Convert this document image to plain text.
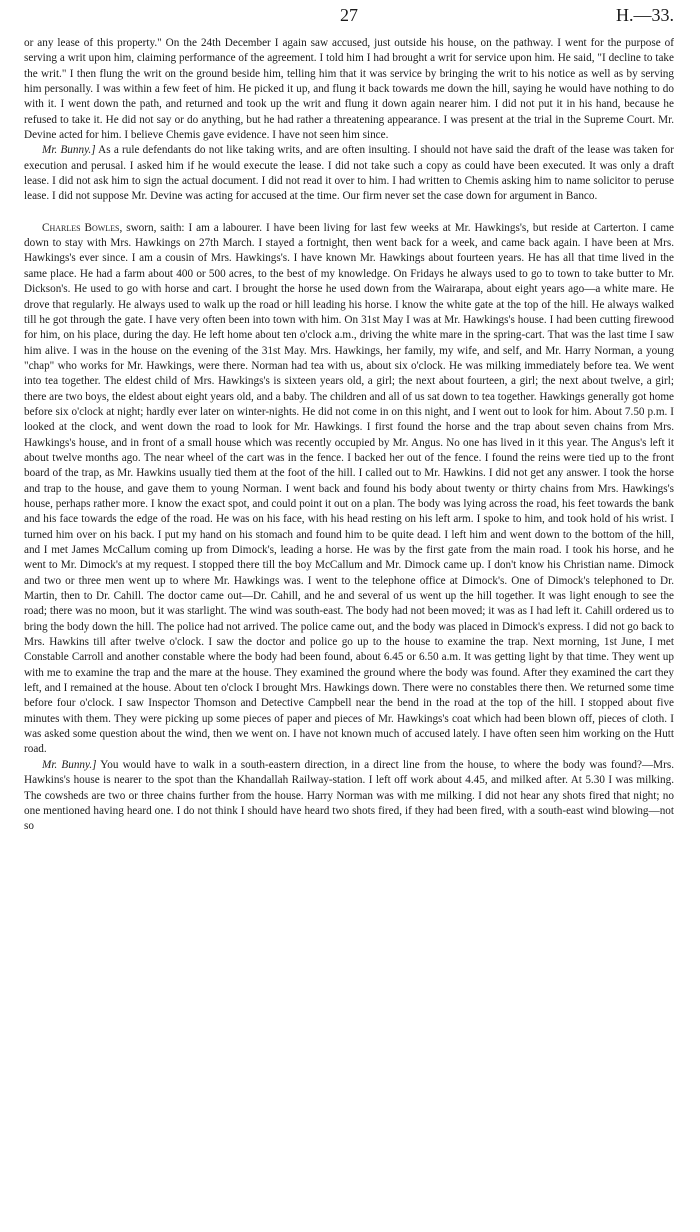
27	H.—33.

or any lease of this property." On the 24th December I again saw accused, just outside his house, on the pathway. I went for the purpose of serving a writ upon him, claiming performance of the agreement. I told him I had brought a writ for service upon him. He said, "I decline to take the writ." I then flung the writ on the ground beside him, telling him that it was service by bringing the writ to his notice as well as by serving him personally. I was within a few feet of him. He picked it up, and flung it back towards me down the hill, saying he would have nothing to do with it. I went down the path, and returned and took up the writ and flung it down again nearer him. I did not put it in his hand, because he refused to take it. He did not say or do anything, but he had rather a threatening appearance. I was present at the trial in the Supreme Court. Mr. Devine acted for him. I believe Chemis gave evidence. I have not seen him since.

Mr. Bunny.] As a rule defendants do not like taking writs, and are often insulting. I should not have said the draft of the lease was taken for execution and perusal. I asked him if he would execute the lease. I did not take such a copy as could have been executed. It was only a draft lease. I did not ask him to sign the actual document. I did not read it over to him. I had written to Chemis asking him to name solicitor to peruse lease. I did not suppose Mr. Devine was acting for accused at the time. Our firm never set the case down for argument in Banco.

Charles Bowles, sworn, saith: I am a labourer. I have been living for last few weeks at Mr. Hawkings's, but reside at Carterton. I came down to stay with Mrs. Hawkings on 27th March. I stayed a fortnight, then went back for a week, and came back again. I have been at Mrs. Hawkings's ever since. I am a cousin of Mrs. Hawkings's. I have known Mr. Hawkings about fourteen years. He has all that time lived in the same place. He had a farm about 400 or 500 acres, to the best of my knowledge. On Fridays he always used to go to town to take butter to Mr. Dickson's. He used to go with horse and cart. I brought the horse he used down from the Wairarapa, about eight years ago—a white mare. He drove that regularly. He always used to walk up the road or hill leading his horse. I know the white gate at the top of the hill. He always walked till he got through the gate. I have very often been into town with him. On 31st May I was at Mr. Hawkings's house. I had been cutting firewood for him, on his place, during the day. He left home about ten o'clock a.m., driving the white mare in the spring-cart. That was the last time I saw him alive. I was in the house on the evening of the 31st May. Mrs. Hawkings, her family, my wife, and self, and Mr. Harry Norman, a young "chap" who works for Mr. Hawkings, were there. Norman had tea with us, about six o'clock. He was milking immediately before tea. We went into tea together. The eldest child of Mrs. Hawkings's is sixteen years old, a girl; the next about fourteen, a girl; the next about twelve, a girl; there are two boys, the eldest about eight years old, and a baby. The children and all of us sat down to tea together. Hawkings generally got home before six o'clock at night; hardly ever later on winter-nights. He did not come in on this night, and I went out to look for him. About 7.50 p.m. I looked at the clock, and went down the road to look for Mr. Hawkings. I first found the horse and the trap about seven chains from Mrs. Hawkings's house, and in front of a small house which was recently occupied by Mr. Angus. No one has lived in it this year. The Angus's left it about twelve months ago. The near wheel of the cart was in the fence. I backed her out of the fence. I found the reins were tied up to the front board of the trap, as Mr. Hawkins usually tied them at the foot of the hill. I called out to Mr. Hawkins. I did not get any answer. I took the horse and trap to the house, and gave them to young Norman. I went back and found his body about twenty or thirty chains from Mrs. Hawkings's house, perhaps rather more. I know the exact spot, and could point it out on a plan. The body was lying across the road, his feet towards the bank and his face towards the edge of the road. He was on his face, with his head resting on his left arm. I spoke to him, and took hold of his wrist. I turned him over on his back. I put my hand on his stomach and found him to be quite dead. I left him and went down to the bottom of the hill, and I met James McCallum coming up from Dimock's, leading a horse. He was by the first gate from the main road. I took his horse, and he went to Mr. Dimock's at my request. I stopped there till the boy McCallum and Mr. Dimock came up. I don't know his Christian name. Dimock and two or three men went up to where Mr. Hawkings was. I went to the telephone office at Dimock's. One of Dimock's telephoned to Dr. Martin, then to Dr. Cahill. The doctor came out—Dr. Cahill, and he and several of us went up the hill together. It was light enough to see the road; there was no moon, but it was starlight. The wind was south-east. The body had not been moved; it was as I had left it. Cahill ordered us to bring the body down the hill. The police had not arrived. The police came out, and the body was placed in Dimock's express. I did not go back to Mrs. Hawkins till after twelve o'clock. I saw the doctor and police go up to the house to examine the trap. Next morning, 1st June, I met Constable Carroll and another constable where the body had been found, about 6.45 or 6.50 a.m. It was getting light by that time. They went up with me to examine the trap and the mare at the house. They examined the ground where the body was found. After they examined the cart they left, and I remained at the house. About ten o'clock I brought Mrs. Hawkings down. There were no constables there then. We returned some time before four o'clock. I saw Inspector Thomson and Detective Campbell near the bend in the road at the top of the hill. I stopped about five minutes with them. They were picking up some pieces of paper and pieces of Mr. Hawkings's coat which had been blown off, pieces of cloth. I was asked some question about the wind, then we went on. I have not known much of accused lately. I have often seen him working on the Hutt road.

Mr. Bunny.] You would have to walk in a south-eastern direction, in a direct line from the house, to where the body was found?—Mrs. Hawkins's house is nearer to the spot than the Khandallah Railway-station. I left off work about 4.45, and milked after. At 5.30 I was milking. The cowsheds are two or three chains further from the house. Harry Norman was with me milking. I did not hear any shots fired that night; no one mentioned having heard one. I do not think I should have heard two shots fired, if they had been fired, with a south-east wind blowing—not so
